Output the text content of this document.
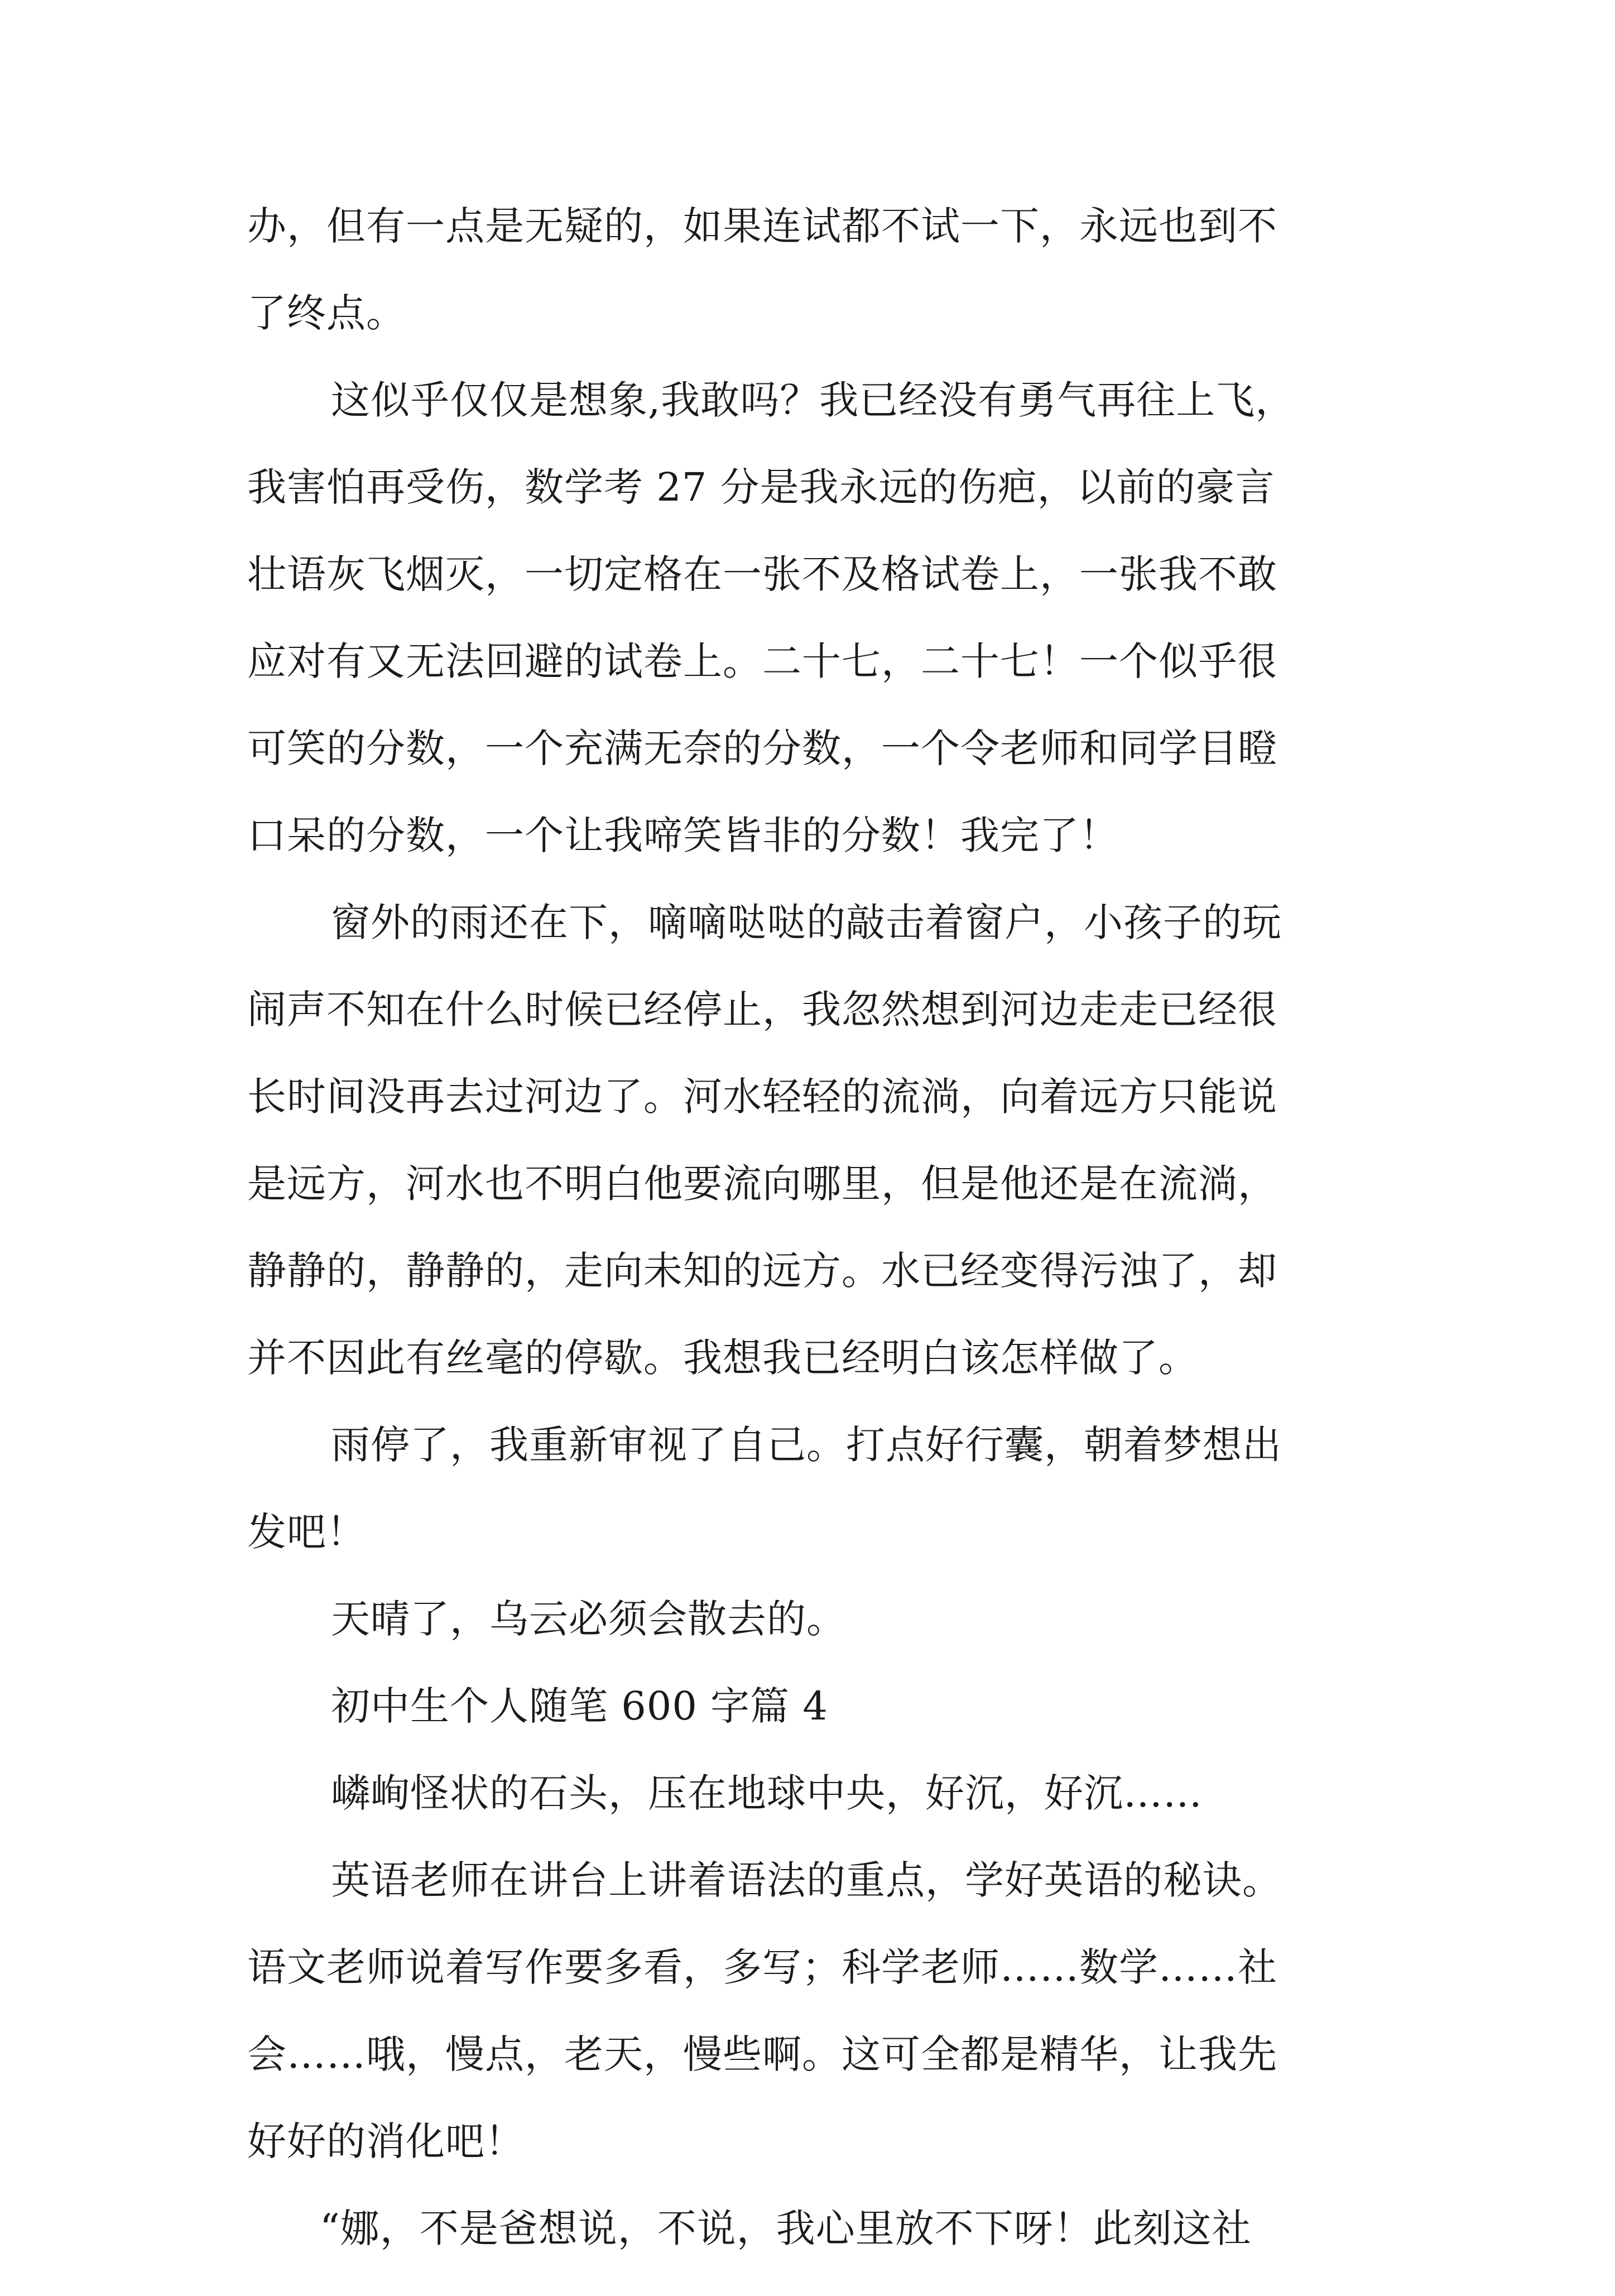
办，但有一点是无疑的，如果连试都不试一下，永远也到不
了终点。
这似乎仅仅是想象,我敢吗？我已经没有勇气再往上飞，
我害怕再受伤，数学考 27 分是我永远的伤疤，以前的豪言
壮语灰飞烟灭，一切定格在一张不及格试卷上，一张我不敢
应对有又无法回避的试卷上。二十七，二十七！一个似乎很
可笑的分数，一个充满无奈的分数，一个令老师和同学目瞪
口呆的分数，一个让我啼笑皆非的分数！我完了！
窗外的雨还在下，嘀嘀哒哒的敲击着窗户，小孩子的玩
闹声不知在什么时候已经停止，我忽然想到河边走走已经很
长时间没再去过河边了。河水轻轻的流淌，向着远方只能说
是远方，河水也不明白他要流向哪里，但是他还是在流淌，
静静的，静静的，走向未知的远方。水已经变得污浊了，却
并不因此有丝毫的停歇。我想我已经明白该怎样做了。
雨停了，我重新审视了自己。打点好行囊，朝着梦想出
发吧！
天晴了，乌云必须会散去的。
初中生个人随笔 600 字篇 4
嶙峋怪状的石头，压在地球中央，好沉，好沉……
英语老师在讲台上讲着语法的重点，学好英语的秘诀。
语文老师说着写作要多看，多写；科学老师……数学……社
会……哦，慢点，老天，慢些啊。这可全都是精华，让我先
好好的消化吧！
“娜，不是爸想说，不说，我心里放不下呀！此刻这社
